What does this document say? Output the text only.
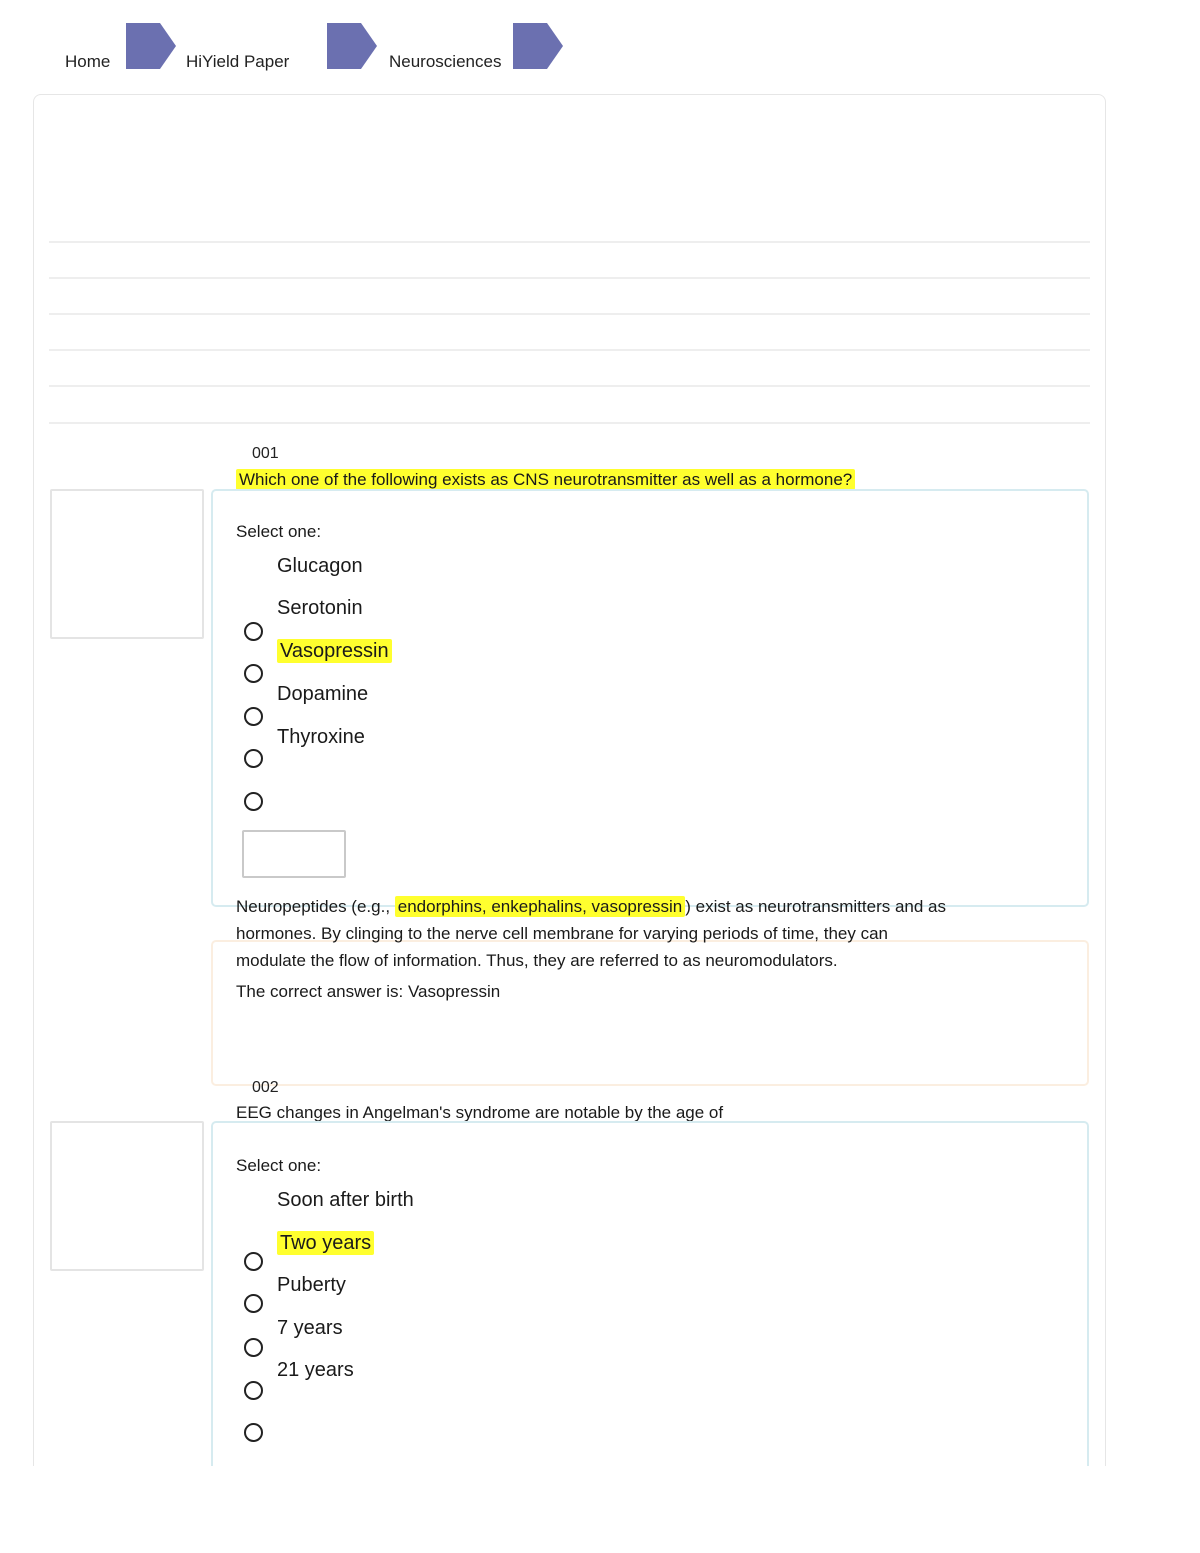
Home	HiYield Paper	Neurosciences
001
Which one of the following exists as CNS neurotransmitter as well as a hormone?
Select one:
Glucagon
Serotonin
Vasopressin
Dopamine
Thyroxine
Neuropeptides (e.g., endorphins, enkephalins, vasopressin ) exist as neurotransmitters and as
hormones. By clinging to the nerve cell membrane for varying periods of time, they can
modulate the flow of information. Thus, they are referred to as neuromodulators.
The correct answer is: Vasopressin
002
EEG changes in Angelman's syndrome are notable by the age of
Select one:
Soon after birth
Two years
Puberty
7 years
21 years
